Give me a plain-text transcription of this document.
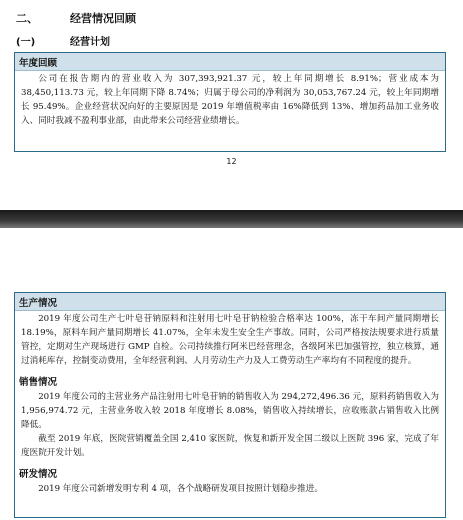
二、	经营情况回顾
(一)	经营计划
年度回顾

公司在报告期内的营业收入为 307,393,921.37 元，较上年同期增长 8.91%；营业成本为 38,450,113.73 元，较上年同期下降 8.74%；归属于母公司的净利润为 30,053,767.24 元，较上年同期增长 95.49%。企业经营状况向好的主要原因是 2019 年增值税率由 16%降低到 13%、增加药品加工业务收入、同时我减不盈利事业部，由此带来公司经营业绩增长。

12
生产情况

2019 年度公司生产七叶皂苷钠原料和注射用七叶皂苷钠检验合格率达 100%，冻干车间产量同期增长 18.19%，原料车间产量同期增长 41.07%，全年未发生安全生产事故。同时，公司严格按法规要求进行质量管控，定期对生产现场进行 GMP 自检。公司持续推行阿米巴经营理念，各级阿米巴加强管控，独立核算，通过消耗库存，控制变动费用，全年经营利润、人月劳动生产力及人工费劳动生产率均有不同程度的提升。

销售情况

2019 年度公司的主营业务产品注射用七叶皂苷钠的销售收入为 294,272,496.36 元，原料药销售收入为 1,956,974.72 元，主营业务收入较 2018 年度增长 8.08%，销售收入持续增长，应收账款占销售收入比例降低。

截至 2019 年底，医院营销覆盖全国 2,410 家医院，恢复和新开发全国二级以上医院 396 家，完成了年度医院开发计划。

研发情况

2019 年度公司新增发明专利 4 项，各个战略研发项目按照计划稳步推进。
